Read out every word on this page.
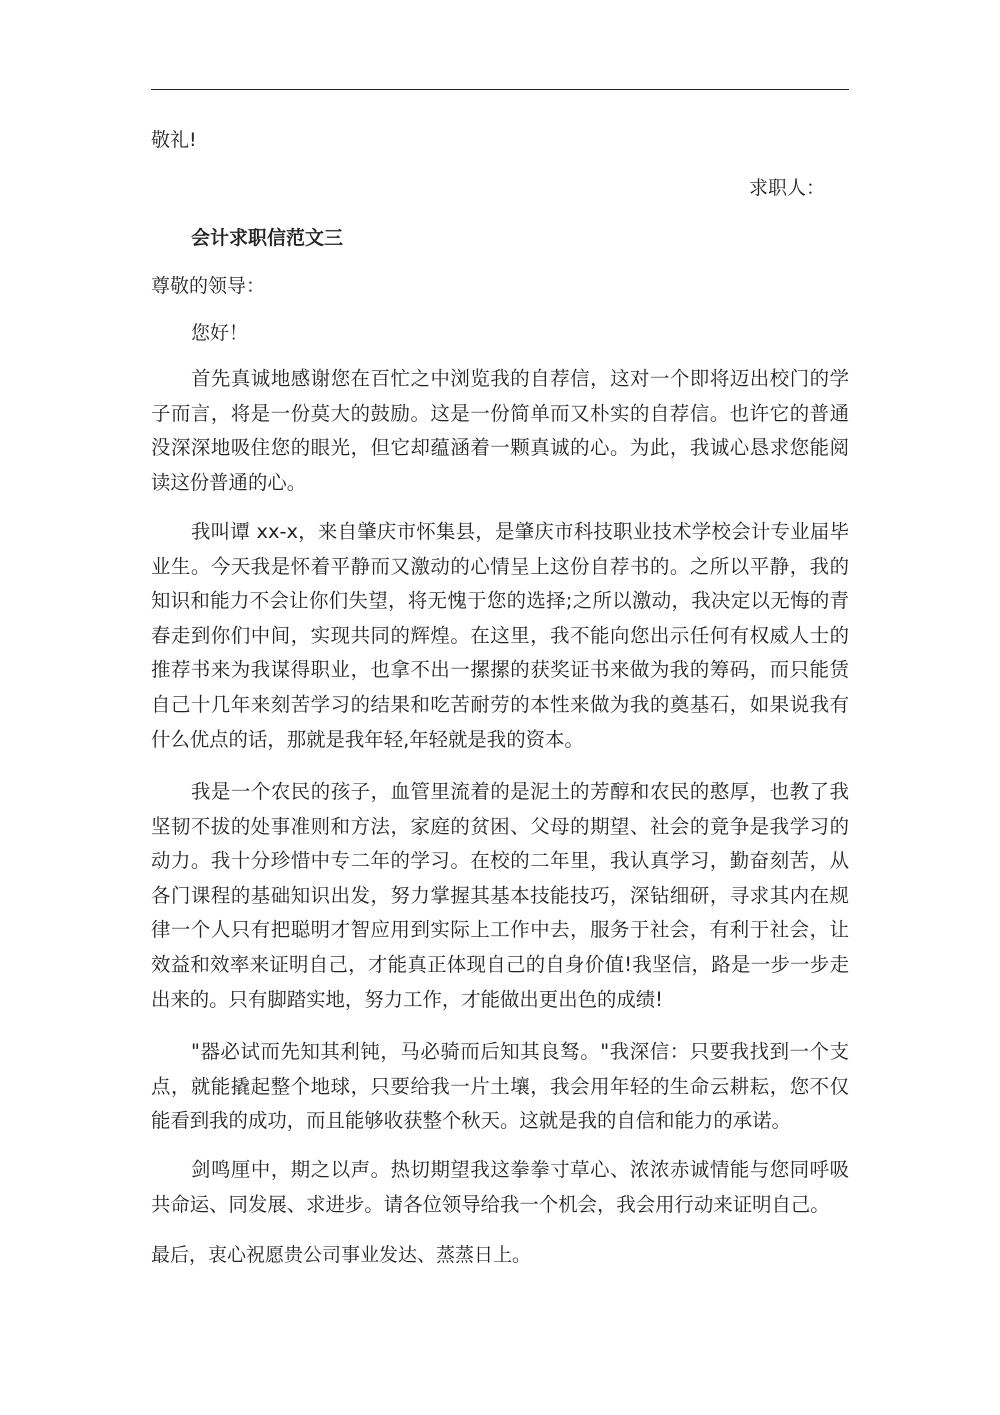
敬礼!

求职人：

会计求职信范文三

尊敬的领导：

您好！

首先真诚地感谢您在百忙之中浏览我的自荐信，这对一个即将迈出校门的学子而言，将是一份莫大的鼓励。这是一份简单而又朴实的自荐信。也许它的普通没深深地吸住您的眼光，但它却蕴涵着一颗真诚的心。为此，我诚心恳求您能阅读这份普通的心。

我叫谭 xx-x，来自肇庆市怀集县，是肇庆市科技职业技术学校会计专业届毕业生。今天我是怀着平静而又激动的心情呈上这份自荐书的。之所以平静，我的知识和能力不会让你们失望，将无愧于您的选择;之所以激动，我决定以无悔的青春走到你们中间，实现共同的辉煌。在这里，我不能向您出示任何有权威人士的推荐书来为我谋得职业，也拿不出一摞摞的获奖证书来做为我的筹码，而只能赁自己十几年来刻苦学习的结果和吃苦耐劳的本性来做为我的奠基石，如果说我有什么优点的话，那就是我年轻,年轻就是我的资本。

我是一个农民的孩子，血管里流着的是泥土的芳醇和农民的憨厚，也教了我坚韧不拔的处事准则和方法，家庭的贫困、父母的期望、社会的竟争是我学习的动力。我十分珍惜中专二年的学习。在校的二年里，我认真学习，勤奋刻苦，从各门课程的基础知识出发，努力掌握其基本技能技巧，深钻细研，寻求其内在规律一个人只有把聪明才智应用到实际上工作中去，服务于社会，有利于社会，让效益和效率来证明自己，才能真正体现自己的自身价值!我坚信，路是一步一步走出来的。只有脚踏实地，努力工作，才能做出更出色的成绩!

"器必试而先知其利钝，马必骑而后知其良驽。"我深信：只要我找到一个支点，就能撬起整个地球，只要给我一片土壤，我会用年轻的生命云耕耘，您不仅能看到我的成功，而且能够收获整个秋天。这就是我的自信和能力的承诺。

剑鸣厘中，期之以声。热切期望我这拳拳寸草心、浓浓赤诚情能与您同呼吸共命运、同发展、求进步。请各位领导给我一个机会，我会用行动来证明自己。

最后，衷心祝愿贵公司事业发达、蒸蒸日上。
